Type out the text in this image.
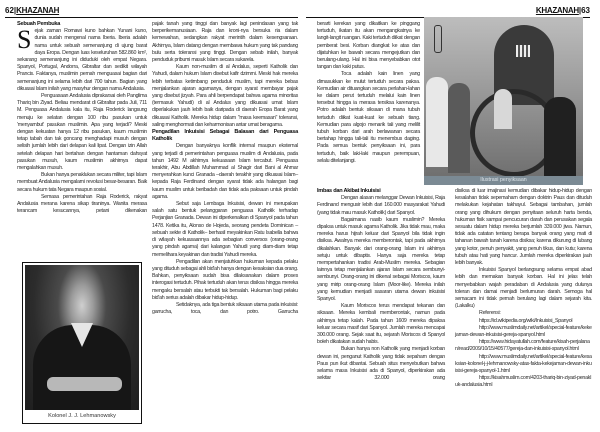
62|KHAZANAH	KHAZANAH|63
Sebuah Pembuka

Sejak zaman Romawi kuno bahkan Yunani kuno, dunia sudah mengenal nama Iberia. Iberia adalah nama untuk sebuah semenanjung di ujung barat daya Eropa. Dengan luas keseluruhan 582.860 km², sekarang semenanjung ini diduduki oleh empat Negara. Spanyol, Portugal, Andorra, Gibraltar dan sedikit wilayah Prancis. Faktanya, muslimin pernah menguasai bagian dari semenanjung ini selama lebih dari 700 tahun. Bagian yang dikuasai Islam inilah yang masyhur dengan nama Andalusia.

Penguasaan Andalusia diprakarsai oleh Panglima Thariq bin Ziyad. Beliau mendarat di Gibraltar pada Juli, 711 M. Penguasa Andalusia kala itu, Raja Roderick langsung menuju ke selatan dengan 100 ribu pasukan untuk 'menyambut' pasukan muslimin. Apa yang terjadi? Meski dengan kekuatan hanya 12 ribu pasukan, kaum muslimin tetap tabah dan tak goncang menghadapi musuh dengan selisih jumlah lebih dari delapan kali lipat. Dengan izin Allah setelah delapan hari bertahan dengan hantaman dahsyat pasukan musuh, kaum muslimin akhirnya dapat mengalahkan musuh.

Bukan hanya penaklukan secara militer, tapi Islam membuat Andalusia mengalami revolusi besar-besaran. Baik secara hukum tata Negara maupun sosial.

Semasa pemerintahan Raja Roderick, rakyat Andalusia merana karena sikap tiraninya. Wanita merasa terancam kesucannya, petani dikenakan

Kolonel J. J. Lehmanowsky

pajak tanah yang tinggi dan banyak lagi penindasan yang tak berperikemanusiaan. Raja dan kroni-nya bersuka ria dalam kemewahan, sedangkan rakyat merintih dalam kesengsaraan. Akhirnya, Islam datang dengan membawa hukum yang tak pandang bulu serta toleransi yang tinggi. Dengan sebab inilah, banyak penduduk pribumi masuk Islam secara sukarela.

Kaum non-muslim di al Andalus, seperti Katholik dan Yahudi, dalam hukum Islam disebut kafir dzimmi. Meski hak mereka lebih terbatas ketimbang penduduk muslim, tapi mereka bebas menjalankan ajaran agamanya, dengan syarat membayar pajak yang disebut jizyah. Para ahli berpendapat bahwa agama minoritas (termasuk Yahudi) di al Andalus yang dikuasai umat Islam diperlakukan jauh lebih baik daripada di daerah Eropa Barat yang dikuasai Katholik. Mereka hidup dalam "masa keemasan" toleransi, saling menghormati dan keharmonisan antar umat beragama.

Pengadilan Inkuisisi Sebagai Balasan dari Penguasa Katholik

Dengan banyaknya konflik internal maupun eksternal yang terjadi di pemerintahan penguasa muslim di Andalusia, pada tahun 1492 M akhirnya kekuasaan Islam tercabut. Penguasa terakhir, Abu Abdillah Muhammad al Shagir dari Bani al Ahmar menyerahkan kunci Granada –daerah terakhir yang dikuasai Islam– kepada Raja Ferdinand dengan syarat tidak ada halangan bagi kaum muslim untuk beribadah dan tidak ada paksaan untuk pindah agama.

Sebut saja Lembaga Inkuisisi, dewan ini merupakan salah satu bentuk pelanggaran penguasa Katholik terhadap Perjanjian Granada. Dewan ini diperkenalkan di Spanyol pada tahun 1478. Ketika itu, Alonso de Hojeda, seorang pendeta Dominican –sebuah sekte di Katholik– berhasil meyakinkan Ratu Isabella bahwa di wilayah kekuasaannya ada sebagian conversos (orang-orang yang pindah agama) dari kalangan Yahudi yang diam-diam tetap memelihara keyakinan dan tradisi Yahudi mereka.

Pengadilan akan menjatuhkan hukuman kepada pelaku yang dituduh sebagai ahli bid'ah hanya dengan kesaksian dua orang. Bahkan, penyiksaan sudah bisa dilaksanakan dalam proses interogasi tertuduh. Pihak tertuduh akan terus disiksa hingga mereka mengaku bersalah atau terbukti tak bersalah. Hukuman bagi pelaku bid'ah serius adalah dibakar hidup-hidup.

Setidaknya, ada tiga bentuk siksaan utama pada inkuisisi: garrucha, toca, dan potro. Garrucha

Ilustrasi penyiksaan

berarti kerekan yang dikaitkan ke pinggang tertuduh, ikatan itu akan mengangkatnya ke langit-langit ruangan. Kaki tertuduh diikat dengan pemberat besi. Korban diangkat ke atas dan dijatuhkan ke bawah secara mengejutkan dan berulang-ulang. Hal ini bisa menyebabkan otot tangan dan kaki putus.

Toca adalah kain linen yang dimasukkan ke mulut tertuduh secara paksa. Kemudian air dituangkan secara perlahan-lahan ke dalam perut tertuduh melalui kain linen tersebut hingga ia merasa tersiksa karenanya. Potro adalah bentuk siksaan di mana tubuh tertuduh diikat kuat-kuat ke sebuah tiang. Kemudian para algojo menarik tali yang melilit tubuh korban dari arah berlawanan secara bertahap hingga tali-tali itu menembus daging. Pada semua bentuk penyiksaan ini, para tertuduh, baik laki-laki maupun perempuan, selalu ditelanjangi.

Imbas dan Akibat Inkuisisi

Dengan alasan melanggar Dewan Inkuisisi, Raja Ferdinand mengusir lebih dari 160.000 masyarakat Yahudi (yang tidak mau masuk Katholik) dari Spanyol.

Bagaimana nasib kaum muslimin? Mereka dipaksa untuk masuk agama Katholik. Jika tidak mau, maka mereka harus hijrah keluar dari Spanyol bila tidak ingin disiksa. Awalnya mereka memberontak, tapi pada akhirnya dikalahkan. Banyak dari orang-orang Islam ini akhirnya setuju untuk dibaptis. Hanya saja mereka tetap mempertahankan tradisi Arab-Muslim mereka. Sebagian lainnya tetap menjalankan ajaran Islam secara sembunyi-sembunyi. Orang-orang ini dikenal sebagai Moriscos, kaum yang mirip orang-orang Islam (Moor-like). Mereka inilah yang kemudian menjadi sasaran utama dewan inkuisisi Spanyol.

Kaum Moriscos terus mendapat tekanan dan siksaan. Mereka kembali memberontak, namun pada akhirnya tetap kalah. Pada tahun 1609 mereka dipaksa keluar secara masif dari Spanyol. Jumlah mereka mencapai 300.000 orang. Sejak saat itu, sejarah Moriscos di Spanyol boleh dikatakan sudah habis.

Bukan hanya non Katholik yang menjadi korban dewan ini, penganut Katholik yang tidak sepaham dengan Paus pun ikut dibantai. Sebuah situs menyebutkan bahwa selama masa Inkuisisi ada di Spanyol, diperkirakan ada sekitar 32.000 orang

disiksa di luar imajinasi kemudian dibakar hidup-hidup dengan kesalahan tidak sepemaham dengan doktrin Paus dan dituduh melakukan kejahatan takhayul. Sebagai tambahan, jumlah orang yang dihukum dengan penyitaan seluruh harta benda, hukuman fisik sampai pencucuran darah dan perusakan segala sesuatu dalam hidup mereka berjumlah 339.000 jiwa. Namun, tidak ada catatan tentang berapa banyak orang yang mati di tahanan bawah tanah karena disiksa; karena dikurung di lubang yang kotor, penuh penyakit, yang penuh tikus, dan kutu; karena tubuh atau hati yang hancur. Jumlah mereka diperkirakan jauh lebih banyak.

Inkuisisi Spanyol berlangsung selama empat abad lebih dan memakan banyak korban. Hal ini jelas telah menyebabkan wajah peradaban di Andalusia yang dulunya toleran dan damai menjadi berlumuran darah. Semoga hal semacam ini tidak pernah berulang lagi dalam sejarah kita. (Lakalku)

Referensi:

https://id.wikipedia.org/wiki/Inkuisisi_Spanyol

http://www.muslimdaily.net/artikel/special-feature/kekejaman-dewan-inkuisisi-gereja-spanyol.html

https://www.hidayatullah.com/feature/kisah-perjalanan/read/2009/10/15/40577/gereja-dan-inkuisisi-spanyol.html

http://www.muslimdaily.net/artikel/special-feature/kesaksian-kolonel-j-j-lehmanowsky-atas-fakta-kekejaman-dewan-inkuisisi-gereja-spanyol-1.html

https://kisahmuslim.com/4203-thariq-bin-ziyad-penakluk-andalusia.html
